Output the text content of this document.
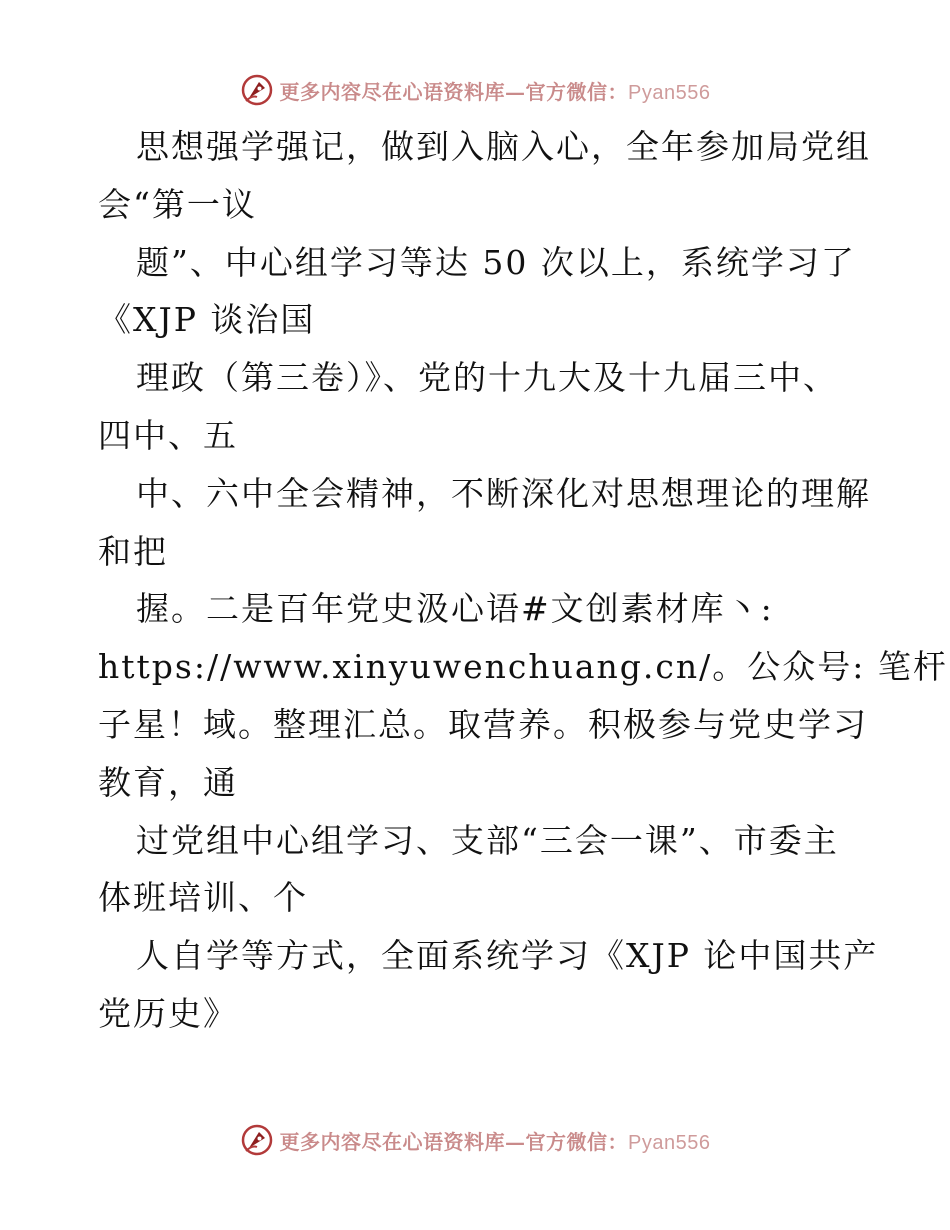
更多内容尽在心语资料库—官方微信：Pyan556
思想强学强记，做到入脑入心，全年参加局党组
会“第一议
题”、中心组学习等达 50 次以上，系统学习了
《XJP 谈治国
理政（第三卷）》、党的十九大及十九届三中、
四中、五
中、六中全会精神，不断深化对思想理论的理解
和把
握。二是百年党史汲心语#文创素材库丶:
https://www.xinyuwenchuang.cn/。公众号: 笔杆
子星！域。整理汇总。取营养。积极参与党史学习
教育，通
过党组中心组学习、支部“三会一课”、市委主
体班培训、个
人自学等方式，全面系统学习《XJP 论中国共产
党历史》
更多内容尽在心语资料库—官方微信：Pyan556
